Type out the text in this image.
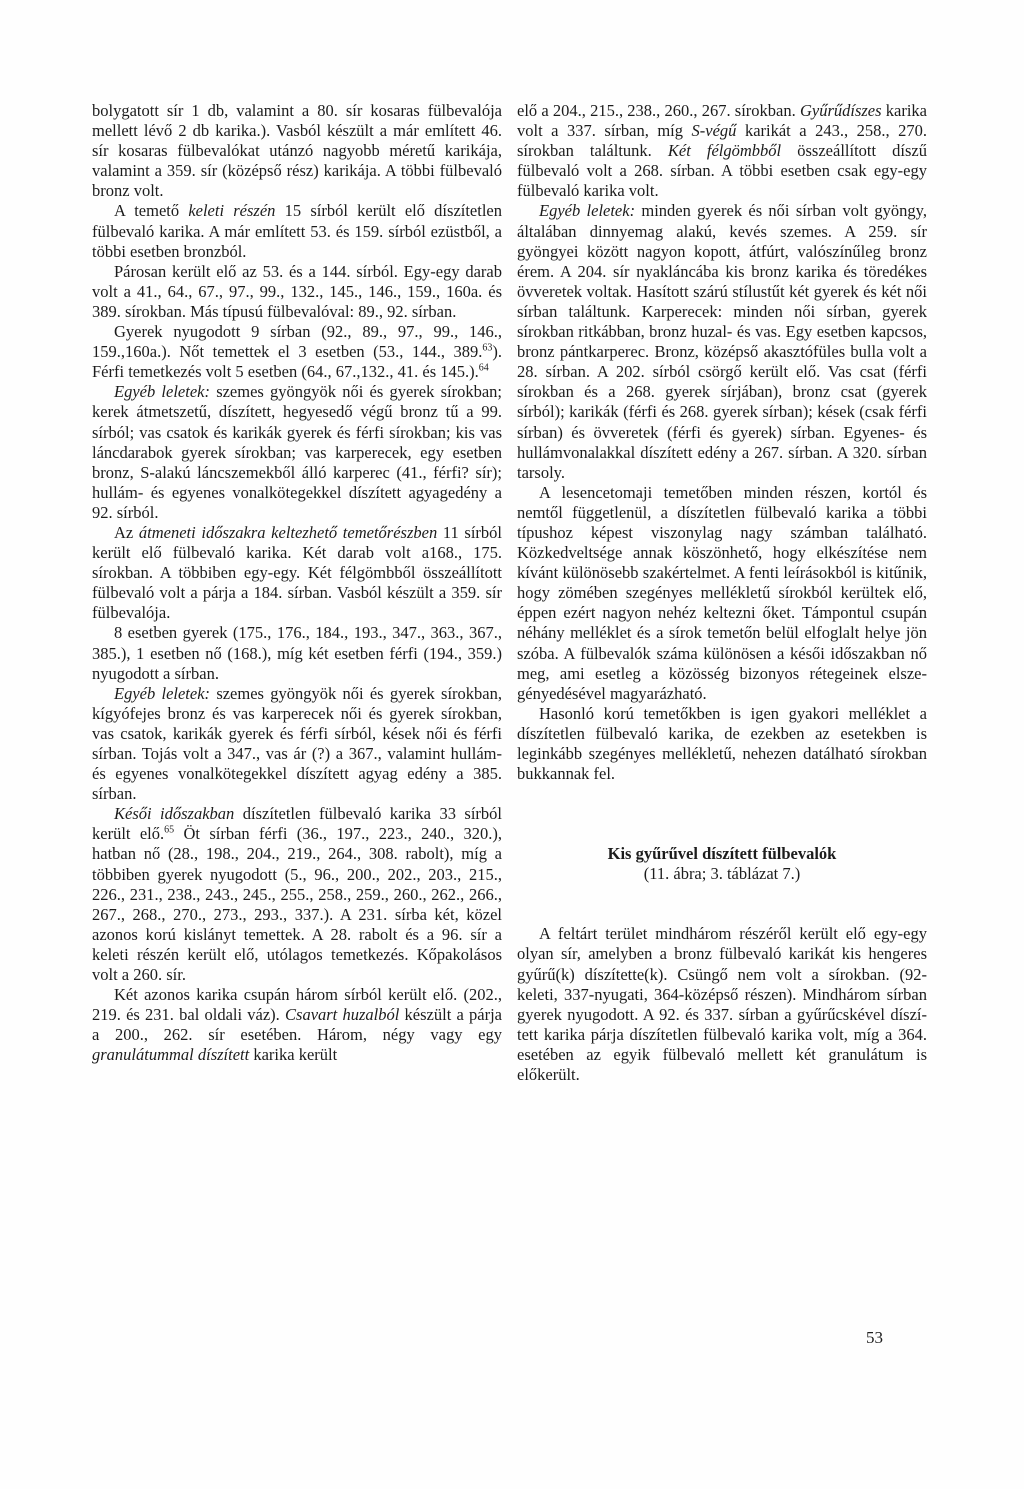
bolygatott sír 1 db, valamint a 80. sír kosaras fülbevalója mellett lévő 2 db karika.). Vasból készült a már említett 46. sír kosaras fülbevalókat utánzó nagyobb méretű karikája, valamint a 359. sír (középső rész) karikája. A többi fülbevaló bronz volt.

A temető keleti részén 15 sírból került elő díszítetlen fülbevaló karika. A már említett 53. és 159. sírból ezüstből, a többi esetben bronzból.

Párosan került elő az 53. és a 144. sírból. Egy-egy darab volt a 41., 64., 67., 97., 99., 132., 145., 146., 159., 160a. és 389. sírokban. Más típusú fülbevalóval: 89., 92. sírban.

Gyerek nyugodott 9 sírban (92., 89., 97., 99., 146., 159.,160a.). Nőt temettek el 3 esetben (53., 144., 389.63). Férfi temetkezés volt 5 esetben (64., 67.,132., 41. és 145.).$^{64}$

Egyéb leletek: szemes gyöngyök női és gyerek sírokban; kerek átmetszetű, díszített, hegyesedő végű bronz tű a 99. sírból; vas csatok és karikák gyerek és férfi sírokban; kis vas láncdarabok gyerek sírokban; vas karperecek, egy esetben bronz, S-alakú láncszemekből álló karperec (41., férfi? sír); hullám- és egyenes vonalkötegekkel díszített agyagedény a 92. sírból.

Az átmeneti időszakra keltezhető temetőrészben 11 sírból került elő fülbevaló karika. Két darab volt a168., 175. sírokban. A többiben egy-egy. Két félgömbből összeállított fülbevaló volt a párja a 184. sírban. Vasból készült a 359. sír fülbevalója.

8 esetben gyerek (175., 176., 184., 193., 347., 363., 367., 385.), 1 esetben nő (168.), míg két esetben férfi (194., 359.) nyugodott a sírban.

Egyéb leletek: szemes gyöngyök női és gyerek sírokban, kígyófejes bronz és vas karperecek női és gyerek sírokban, vas csatok, karikák gyerek és férfi sírból, kések női és férfi sírban. Tojás volt a 347., vas ár (?) a 367., valamint hullám- és egyenes vonalkötegekkel díszített agyag edény a 385. sírban.

Késői időszakban díszítetlen fülbevaló karika 33 sírból került elő.$^{65}$ Öt sírban férfi (36., 197., 223., 240., 320.), hatban nő (28., 198., 204., 219., 264., 308. rabolt), míg a többiben gyerek nyugodott (5., 96., 200., 202., 203., 215., 226., 231., 238., 243., 245., 255., 258., 259., 260., 262., 266., 267., 268., 270., 273., 293., 337.). A 231. sírba két, közel azonos korú kislányt temettek. A 28. rabolt és a 96. sír a keleti részén került elő, utólagos temetkezés. Kőpakolásos volt a 260. sír.

Két azonos karika csupán három sírból került elő. (202., 219. és 231. bal oldali váz). Csavart huzalból készült a párja a 200., 262. sír esetében. Három, négy vagy egy granulátummal díszített karika került

elő a 204., 215., 238., 260., 267. sírokban. Gyűrűdíszes karika volt a 337. sírban, míg S-végű karikát a 243., 258., 270. sírokban találtunk. Két félgömbből összeállított díszű fülbevaló volt a 268. sírban. A többi esetben csak egy-egy fülbevaló karika volt.

Egyéb leletek: minden gyerek és női sírban volt gyöngy, általában dinnyemag alakú, kevés szemes. A 259. sír gyöngyei között nagyon kopott, átfúrt, valószínűleg bronz érem. A 204. sír nyakláncába kis bronz karika és töredékes övveretek voltak. Hasított szárú stílustűt két gyerek és két női sírban találtunk. Karperecek: minden női sírban, gyerek sírokban ritkábban, bronz huzal- és vas. Egy esetben kapcsos, bronz pántkarperec. Bronz, középső akasztófüles bulla volt a 28. sírban. A 202. sírból csörgő került elő. Vas csat (férfi sírokban és a 268. gyerek sírjában), bronz csat (gyerek sírból); karikák (férfi és 268. gyerek sírban); kések (csak férfi sírban) és övveretek (férfi és gyerek) sírban. Egyenes- és hullámvonalakkal díszített edény a 267. sírban. A 320. sírban tarsoly.

A lesencetomaji temetőben minden részen, kortól és nemtől függetlenül, a díszítetlen fülbevaló karika a többi típushoz képest viszonylag nagy számban található. Közkedveltsége annak köszönhető, hogy elkészítése nem kívánt különösebb szakértelmet. A fenti leírásokból is kitűnik, hogy zömében szegényes mellékletű sírokból kerültek elő, éppen ezért nagyon nehéz keltezni őket. Támpontul csupán néhány melléklet és a sírok temetőn belül elfoglalt helye jön szóba. A fülbevalók száma különösen a késői időszakban nő meg, ami esetleg a közösség bizonyos rétegeinek elszegényedésével magyarázható.

Hasonló korú temetőkben is igen gyakori melléklet a díszítetlen fülbevaló karika, de ezekben az esetekben is leginkább szegényes mellékletű, nehezen datálható sírokban bukkannak fel.

Kis gyűrűvel díszített fülbevalók

(11. ábra; 3. táblázat 7.)

A feltárt terület mindhárom részéről került elő egy-egy olyan sír, amelyben a bronz fülbevaló karikát kis hengeres gyűrű(k) díszítette(k). Csüngő nem volt a sírokban. (92-keleti, 337-nyugati, 364-középső részen). Mindhárom sírban gyerek nyugodott. A 92. és 337. sírban a gyűrűcskével díszített karika párja díszítetlen fülbevaló karika volt, míg a 364. esetében az egyik fülbevaló mellett két granulátum is előkerült.

53
